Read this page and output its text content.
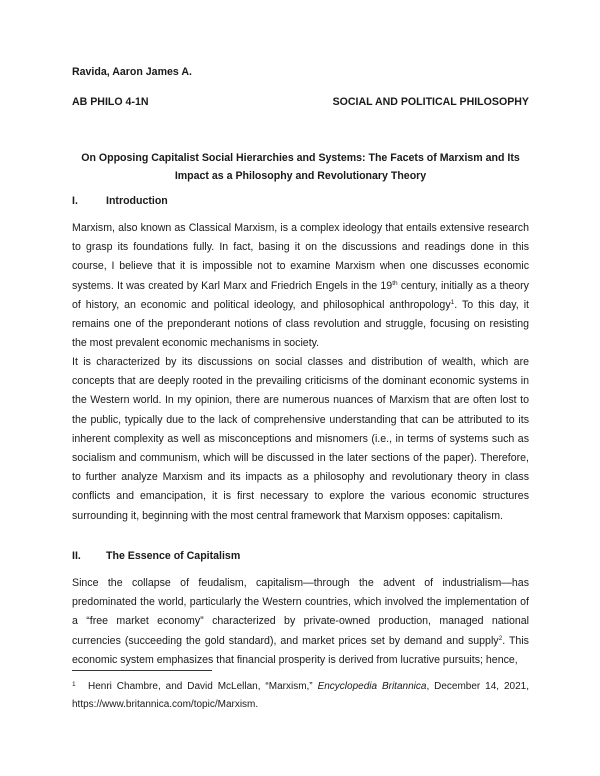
Ravida, Aaron James A.
AB PHILO 4-1N	SOCIAL AND POLITICAL PHILOSOPHY
On Opposing Capitalist Social Hierarchies and Systems: The Facets of Marxism and Its
Impact as a Philosophy and Revolutionary Theory
I.	Introduction

Marxism, also known as Classical Marxism, is a complex ideology that entails extensive research to grasp its foundations fully. In fact, basing it on the discussions and readings done in this course, I believe that it is impossible not to examine Marxism when one discusses economic systems. It was created by Karl Marx and Friedrich Engels in the 19th century, initially as a theory of history, an economic and political ideology, and philosophical anthropology$^1$. To this day, it remains one of the preponderant notions of class revolution and struggle, focusing on resisting the most prevalent economic mechanisms in society.

It is characterized by its discussions on social classes and distribution of wealth, which are concepts that are deeply rooted in the prevailing criticisms of the dominant economic systems in the Western world. In my opinion, there are numerous nuances of Marxism that are often lost to the public, typically due to the lack of comprehensive understanding that can be attributed to its inherent complexity as well as misconceptions and misnomers (i.e., in terms of systems such as socialism and communism, which will be discussed in the later sections of the paper). Therefore, to further analyze Marxism and its impacts as a philosophy and revolutionary theory in class conflicts and emancipation, it is first necessary to explore the various economic structures surrounding it, beginning with the most central framework that Marxism opposes: capitalism.

II. The Essence of Capitalism

Since the collapse of feudalism, capitalism—through the advent of industrialism—has predominated the world, particularly the Western countries, which involved the implementation of a “free market economy” characterized by private-owned production, managed national currencies (succeeding the gold standard), and market prices set by demand and supply$^2$. This economic system emphasizes that financial prosperity is derived from lucrative pursuits; hence,

1 Henri Chambre, and David McLellan, “Marxism,” Encyclopedia Britannica, December 14, 2021, https://www.britannica.com/topic/Marxism.
